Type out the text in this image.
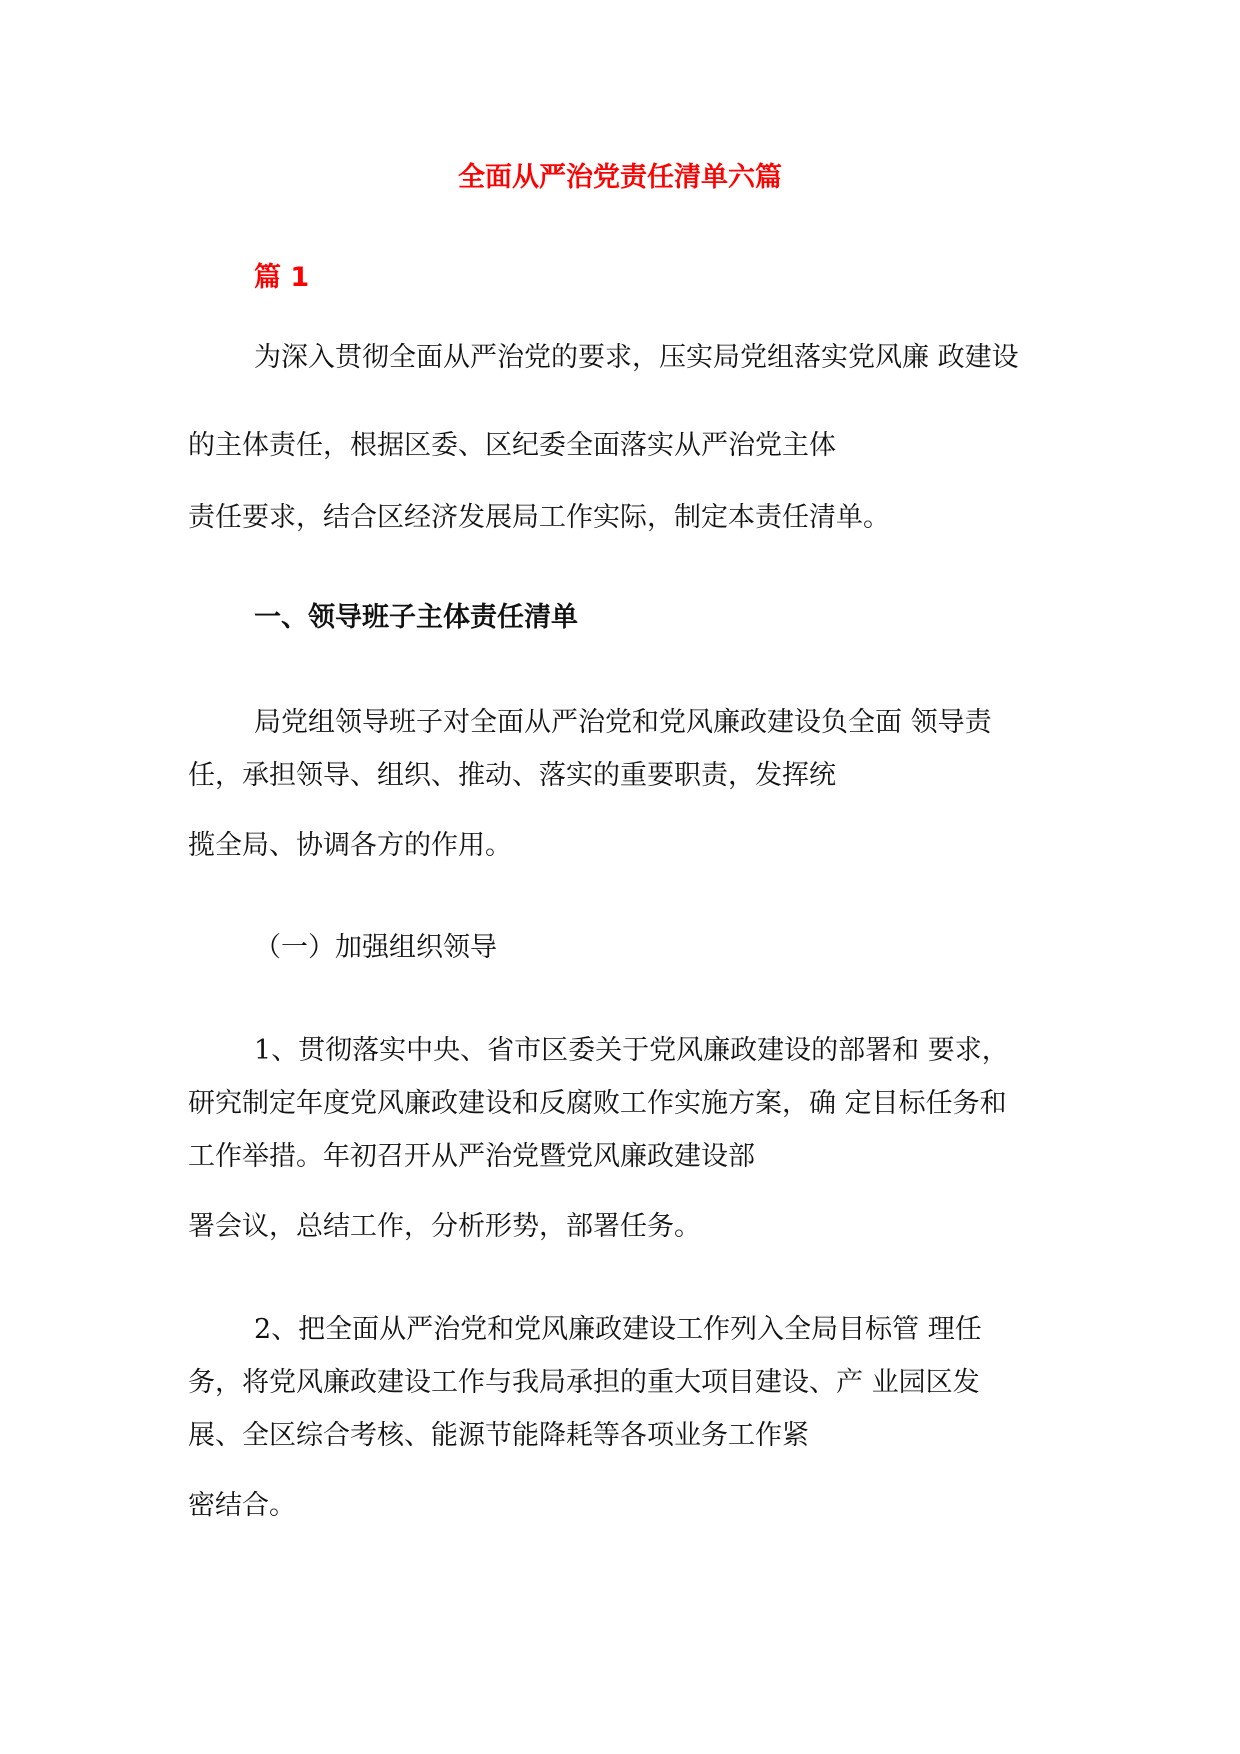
全面从严治党责任清单六篇
篇 1
为深入贯彻全面从严治党的要求，压实局党组落实党风廉 政建设
的主体责任，根据区委、区纪委全面落实从严治党主体
责任要求，结合区经济发展局工作实际，制定本责任清单。
一、领导班子主体责任清单
局党组领导班子对全面从严治党和党风廉政建设负全面 领导责
任，承担领导、组织、推动、落实的重要职责，发挥统
揽全局、协调各方的作用。
（一）加强组织领导
1、贯彻落实中央、省市区委关于党风廉政建设的部署和 要求，
研究制定年度党风廉政建设和反腐败工作实施方案，确 定目标任务和
工作举措。年初召开从严治党暨党风廉政建设部
署会议，总结工作，分析形势，部署任务。
2、把全面从严治党和党风廉政建设工作列入全局目标管 理任
务，将党风廉政建设工作与我局承担的重大项目建设、产 业园区发
展、全区综合考核、能源节能降耗等各项业务工作紧
密结合。
